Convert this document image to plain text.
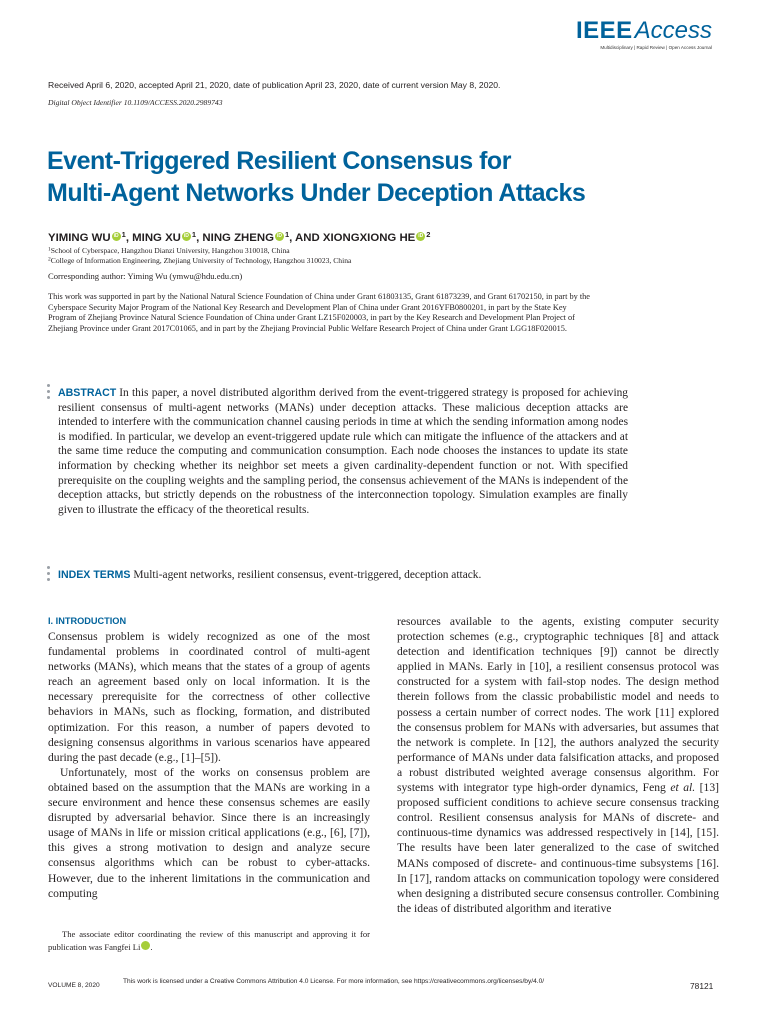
IEEEAccess
Multidisciplinary | Rapid Review | Open Access Journal
Received April 6, 2020, accepted April 21, 2020, date of publication April 23, 2020, date of current version May 8, 2020.
Digital Object Identifier 10.1109/ACCESS.2020.2989743
Event-Triggered Resilient Consensus for
Multi-Agent Networks Under Deception Attacks
YIMING WU iD $^1$, MING XU iD $^1$, NING ZHENG iD $^1$, AND XIONGXIONG HE iD $^2$
$^1$School of Cyberspace, Hangzhou Dianzi University, Hangzhou 310018, China
$^2$College of Information Engineering, Zhejiang University of Technology, Hangzhou 310023, China
Corresponding author: Yiming Wu (ymwu@hdu.edu.cn)
This work was supported in part by the National Natural Science Foundation of China under Grant 61803135, Grant 61873239, and Grant 61702150, in part by the Cyberspace Security Major Program of the National Key Research and Development Plan of China under Grant 2016YFB0800201, in part by the State Key Program of Zhejiang Province Natural Science Foundation of China under Grant LZ15F020003, in part by the Key Research and Development Plan Project of Zhejiang Province under Grant 2017C01065, and in part by the Zhejiang Provincial Public Welfare Research Project of China under Grant LGG18F020015.
ABSTRACT In this paper, a novel distributed algorithm derived from the event-triggered strategy is proposed for achieving resilient consensus of multi-agent networks (MANs) under deception attacks. These malicious deception attacks are intended to interfere with the communication channel causing periods in time at which the sending information among nodes is modified. In particular, we develop an event-triggered update rule which can mitigate the influence of the attackers and at the same time reduce the computing and communication consumption. Each node chooses the instances to update its state information by checking whether its neighbor set meets a given cardinality-dependent function or not. With specified prerequisite on the coupling weights and the sampling period, the consensus achievement of the MANs is independent of the deception attacks, but strictly depends on the robustness of the interconnection topology. Simulation examples are finally given to illustrate the efficacy of the theoretical results.
INDEX TERMS Multi-agent networks, resilient consensus, event-triggered, deception attack.
I. INTRODUCTION

Consensus problem is widely recognized as one of the most fundamental problems in coordinated control of multi-agent networks (MANs), which means that the states of a group of agents reach an agreement based only on local information. It is the necessary prerequisite for the correctness of other collective behaviors in MANs, such as flocking, formation, and distributed optimization. For this reason, a number of papers devoted to designing consensus algorithms in various scenarios have appeared during the past decade (e.g., [1]–[5]).

Unfortunately, most of the works on consensus problem are obtained based on the assumption that the MANs are working in a secure environment and hence these consensus schemes are easily disrupted by adversarial behavior. Since there is an increasingly usage of MANs in life or mission critical applications (e.g., [6], [7]), this gives a strong motivation to design and analyze secure consensus algorithms which can be robust to cyber-attacks. However, due to the inherent limitations in the communication and computing

resources available to the agents, existing computer security protection schemes (e.g., cryptographic techniques [8] and attack detection and identification techniques [9]) cannot be directly applied in MANs. Early in [10], a resilient consensus protocol was constructed for a system with fail-stop nodes. The design method therein follows from the classic probabilistic model and needs to possess a certain number of correct nodes. The work [11] explored the consensus problem for MANs with adversaries, but assumes that the network is complete. In [12], the authors analyzed the security performance of MANs under data falsification attacks, and proposed a robust distributed weighted average consensus algorithm. For systems with integrator type high-order dynamics, Feng et al. [13] proposed sufficient conditions to achieve secure consensus tracking control. Resilient consensus analysis for MANs of discrete- and continuous-time dynamics was addressed respectively in [14], [15]. The results have been later generalized to the case of switched MANs composed of discrete- and continuous-time subsystems [16]. In [17], random attacks on communication topology were considered when designing a distributed secure consensus controller. Combining the ideas of distributed algorithm and iterative

The associate editor coordinating the review of this manuscript and approving it for publication was Fangfei Li	iD.

VOLUME 8, 2020
This work is licensed under a Creative Commons Attribution 4.0 License. For more information, see https://creativecommons.org/licenses/by/4.0/	78121
